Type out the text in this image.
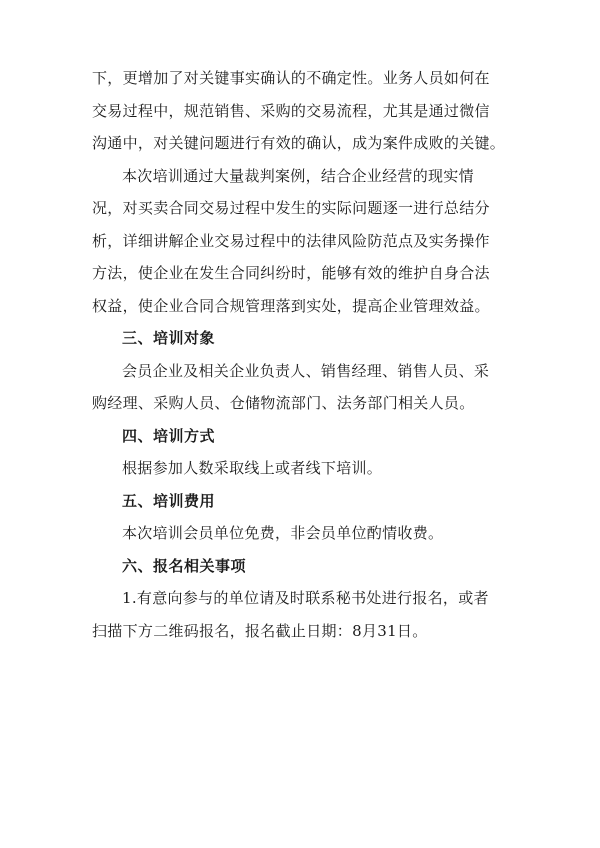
下，更增加了对关键事实确认的不确定性。业务人员如何在
交易过程中，规范销售、采购的交易流程，尤其是通过微信
沟通中，对关键问题进行有效的确认，成为案件成败的关键。
本次培训通过大量裁判案例，结合企业经营的现实情
况，对买卖合同交易过程中发生的实际问题逐一进行总结分
析，详细讲解企业交易过程中的法律风险防范点及实务操作
方法，使企业在发生合同纠纷时，能够有效的维护自身合法
权益，使企业合同合规管理落到实处，提高企业管理效益。

三、培训对象

会员企业及相关企业负责人、销售经理、销售人员、采
购经理、采购人员、仓储物流部门、法务部门相关人员。

四、培训方式

根据参加人数采取线上或者线下培训。

五、培训费用

本次培训会员单位免费，非会员单位酌情收费。

六、报名相关事项

1.有意向参与的单位请及时联系秘书处进行报名，或者
扫描下方二维码报名，报名截止日期：8月31日。
